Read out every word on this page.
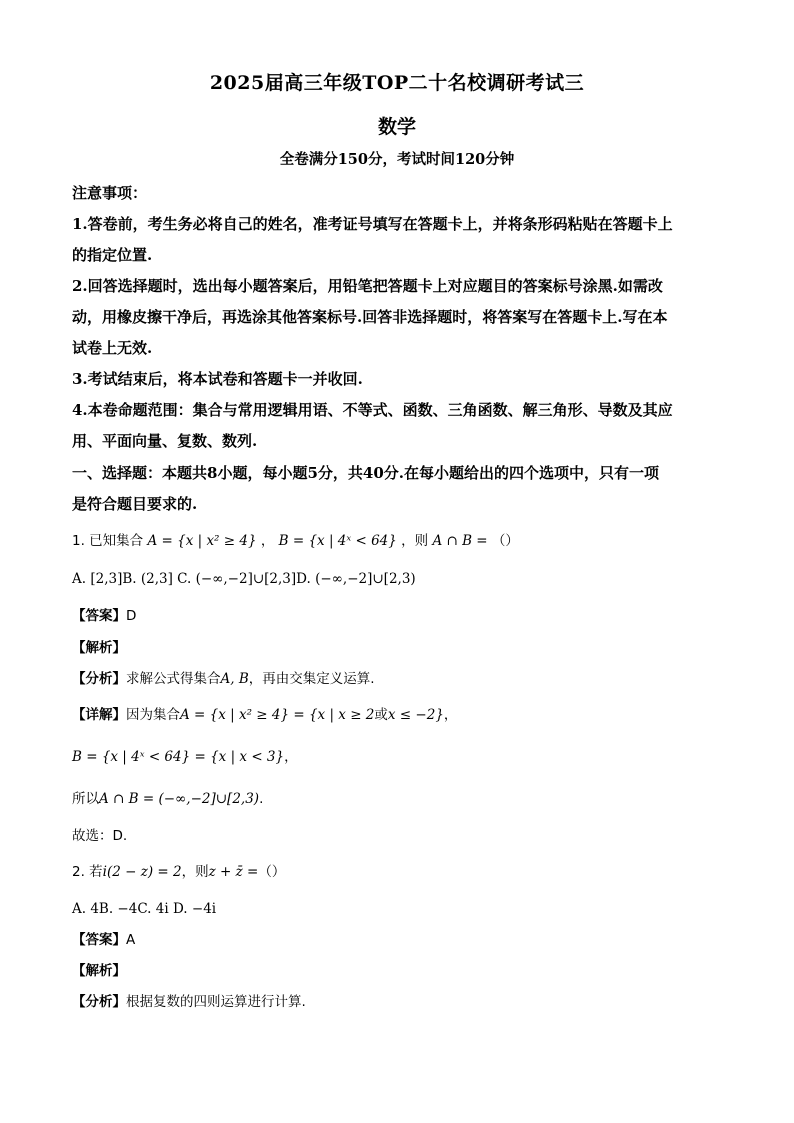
2025届高三年级TOP二十名校调研考试三
数学
全卷满分150分，考试时间120分钟
注意事项：
1.答卷前，考生务必将自己的姓名，准考证号填写在答题卡上，并将条形码粘贴在答题卡上
的指定位置.
2.回答选择题时，选出每小题答案后，用铅笔把答题卡上对应题目的答案标号涂黑.如需改
动，用橡皮擦干净后，再选涂其他答案标号.回答非选择题时，将答案写在答题卡上.写在本
试卷上无效.
3.考试结束后，将本试卷和答题卡一并收回.
4.本卷命题范围：集合与常用逻辑用语、不等式、函数、三角函数、解三角形、导数及其应
用、平面向量、复数、数列.
一、选择题：本题共8小题，每小题5分，共40分.在每小题给出的四个选项中，只有一项
是符合题目要求的.
1. 已知集合 A = {x | x² ≥ 4} ， B = {x | 4ˣ < 64} ，则 A ∩ B = （）
A. [2,3]B. (2,3] C. (−∞,−2]∪[2,3]D. (−∞,−2]∪[2,3)
【答案】D
【解析】
【分析】求解公式得集合A, B，再由交集定义运算.
【详解】因为集合A = {x | x² ≥ 4} = {x | x ≥ 2或x ≤ −2}，
B = {x | 4ˣ < 64} = {x | x < 3}，
所以A ∩ B = (−∞,−2]∪[2,3).
故选：D.
2. 若i(2 − z) = 2，则z + z̄ =（）
A. 4B. −4C. 4i D. −4i
【答案】A
【解析】
【分析】根据复数的四则运算进行计算.
